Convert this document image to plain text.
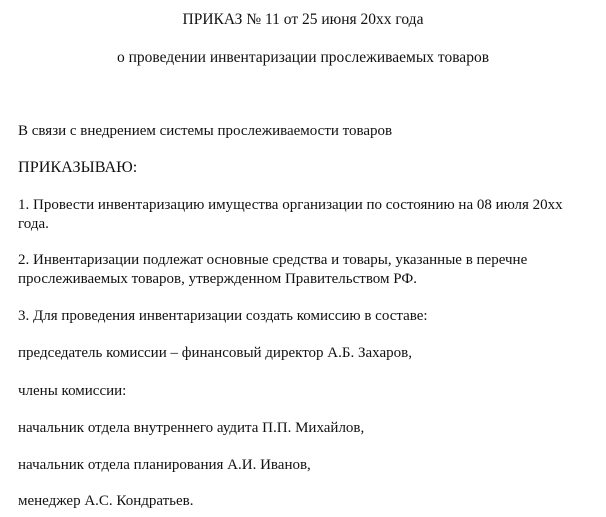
ПРИКАЗ № 11 от 25 июня 20хх года
о проведении инвентаризации прослеживаемых товаров
В связи с внедрением системы прослеживаемости товаров
ПРИКАЗЫВАЮ:
1. Провести инвентаризацию имущества организации по состоянию на 08 июля 20хх
года.
2. Инвентаризации подлежат основные средства и товары, указанные в перечне
прослеживаемых товаров, утвержденном Правительством РФ.
3. Для проведения инвентаризации создать комиссию в составе:
председатель комиссии – финансовый директор А.Б. Захаров,
члены комиссии:
начальник отдела внутреннего аудита П.П. Михайлов,
начальник отдела планирования А.И. Иванов,
менеджер А.С. Кондратьев.
